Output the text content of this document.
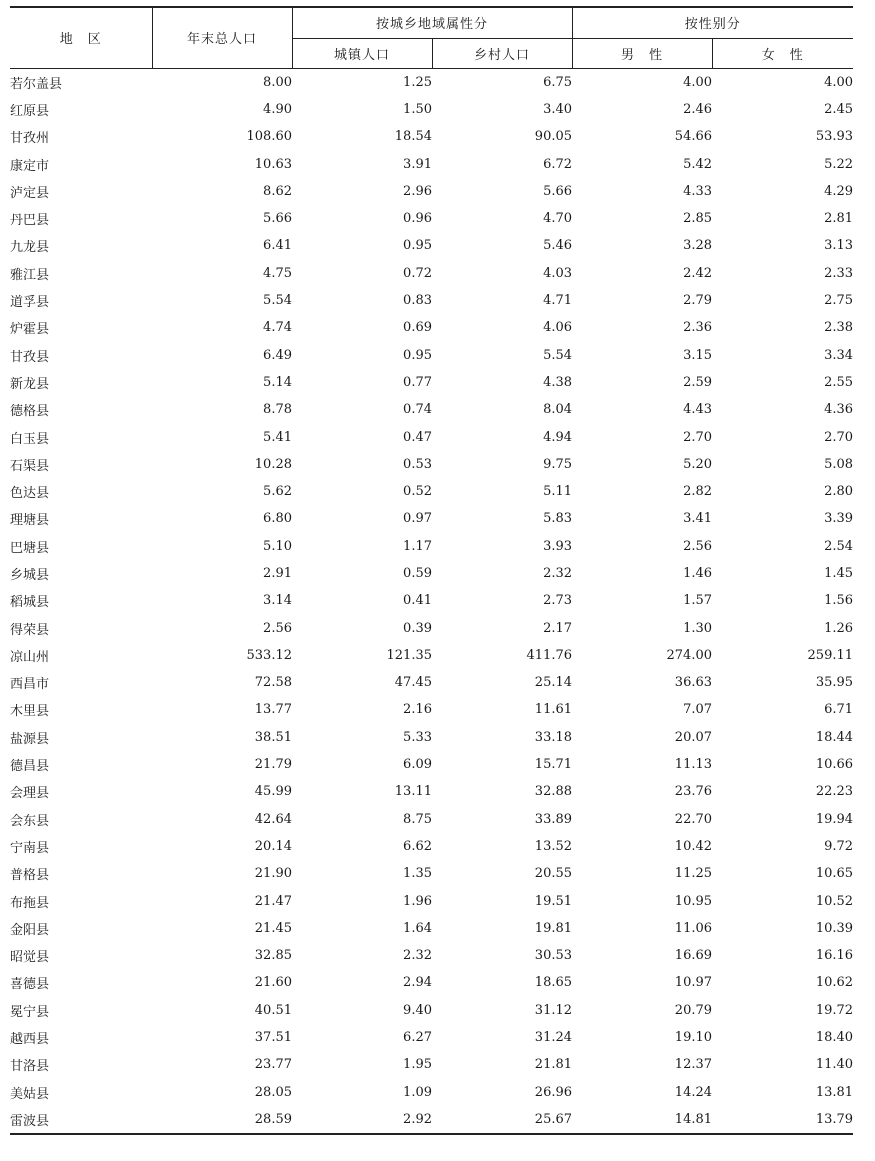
地　区	年末总人口	按城乡地域属性分		按性别分	
		城镇人口	乡村人口	男　性	女　性
若尔盖县	8.00	1.25	6.75	4.00	4.00
红原县	4.90	1.50	3.40	2.46	2.45
甘孜州	108.60	18.54	90.05	54.66	53.93
康定市	10.63	3.91	6.72	5.42	5.22
泸定县	8.62	2.96	5.66	4.33	4.29
丹巴县	5.66	0.96	4.70	2.85	2.81
九龙县	6.41	0.95	5.46	3.28	3.13
雅江县	4.75	0.72	4.03	2.42	2.33
道孚县	5.54	0.83	4.71	2.79	2.75
炉霍县	4.74	0.69	4.06	2.36	2.38
甘孜县	6.49	0.95	5.54	3.15	3.34
新龙县	5.14	0.77	4.38	2.59	2.55
德格县	8.78	0.74	8.04	4.43	4.36
白玉县	5.41	0.47	4.94	2.70	2.70
石渠县	10.28	0.53	9.75	5.20	5.08
色达县	5.62	0.52	5.11	2.82	2.80
理塘县	6.80	0.97	5.83	3.41	3.39
巴塘县	5.10	1.17	3.93	2.56	2.54
乡城县	2.91	0.59	2.32	1.46	1.45
稻城县	3.14	0.41	2.73	1.57	1.56
得荣县	2.56	0.39	2.17	1.30	1.26
凉山州	533.12	121.35	411.76	274.00	259.11
西昌市	72.58	47.45	25.14	36.63	35.95
木里县	13.77	2.16	11.61	7.07	6.71
盐源县	38.51	5.33	33.18	20.07	18.44
德昌县	21.79	6.09	15.71	11.13	10.66
会理县	45.99	13.11	32.88	23.76	22.23
会东县	42.64	8.75	33.89	22.70	19.94
宁南县	20.14	6.62	13.52	10.42	9.72
普格县	21.90	1.35	20.55	11.25	10.65
布拖县	21.47	1.96	19.51	10.95	10.52
金阳县	21.45	1.64	19.81	11.06	10.39
昭觉县	32.85	2.32	30.53	16.69	16.16
喜德县	21.60	2.94	18.65	10.97	10.62
冕宁县	40.51	9.40	31.12	20.79	19.72
越西县	37.51	6.27	31.24	19.10	18.40
甘洛县	23.77	1.95	21.81	12.37	11.40
美姑县	28.05	1.09	26.96	14.24	13.81
雷波县	28.59	2.92	25.67	14.81	13.79
